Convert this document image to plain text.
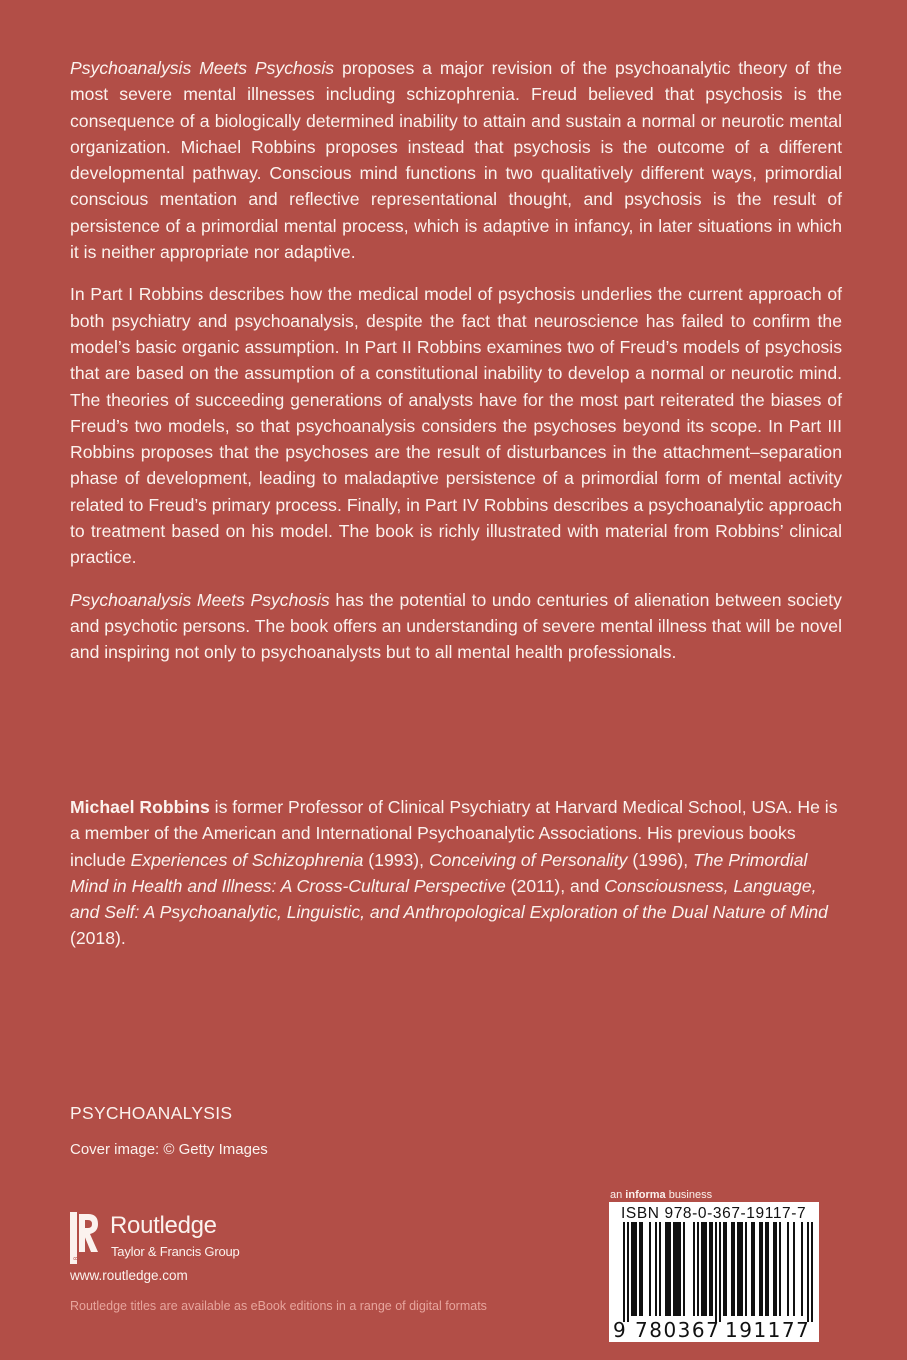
Psychoanalysis Meets Psychosis proposes a major revision of the psychoanalytic theory of the most severe mental illnesses including schizophrenia. Freud believed that psychosis is the consequence of a biologically determined inability to attain and sustain a normal or neurotic mental organization. Michael Robbins proposes instead that psychosis is the outcome of a different developmental pathway. Conscious mind functions in two qualitatively different ways, primordial conscious mentation and reflective representational thought, and psychosis is the result of persistence of a primordial mental process, which is adaptive in infancy, in later situations in which it is neither appropriate nor adaptive.

In Part I Robbins describes how the medical model of psychosis underlies the current approach of both psychiatry and psychoanalysis, despite the fact that neuroscience has failed to confirm the model’s basic organic assumption. In Part II Robbins examines two of Freud’s models of psychosis that are based on the assumption of a constitutional inability to develop a normal or neurotic mind. The theories of succeeding generations of analysts have for the most part reiterated the biases of Freud’s two models, so that psychoanalysis considers the psychoses beyond its scope. In Part III Robbins proposes that the psychoses are the result of disturbances in the attachment–separation phase of development, leading to maladaptive persistence of a primordial form of mental activity related to Freud’s primary process. Finally, in Part IV Robbins describes a psychoanalytic approach to treatment based on his model. The book is richly illustrated with material from Robbins’ clinical practice.

Psychoanalysis Meets Psychosis has the potential to undo centuries of alienation between society and psychotic persons. The book offers an understanding of severe mental illness that will be novel and inspiring not only to psychoanalysts but to all mental health professionals.

Michael Robbins is former Professor of Clinical Psychiatry at Harvard Medical School, USA. He is a member of the American and International Psychoanalytic Associations. His previous books include Experiences of Schizophrenia (1993), Conceiving of Personality (1996), The Primordial Mind in Health and Illness: A Cross-Cultural Perspective (2011), and Consciousness, Language, and Self: A Psychoanalytic, Linguistic, and Anthropological Exploration of the Dual Nature of Mind (2018).

PSYCHOANALYSIS
Cover image: © Getty Images
R
Routledge
Taylor & Francis Group
www.routledge.com
Routledge titles are available as eBook editions in a range of digital formats
an informa business
ISBN 978-0-367-19117-7
9 780367 191177
